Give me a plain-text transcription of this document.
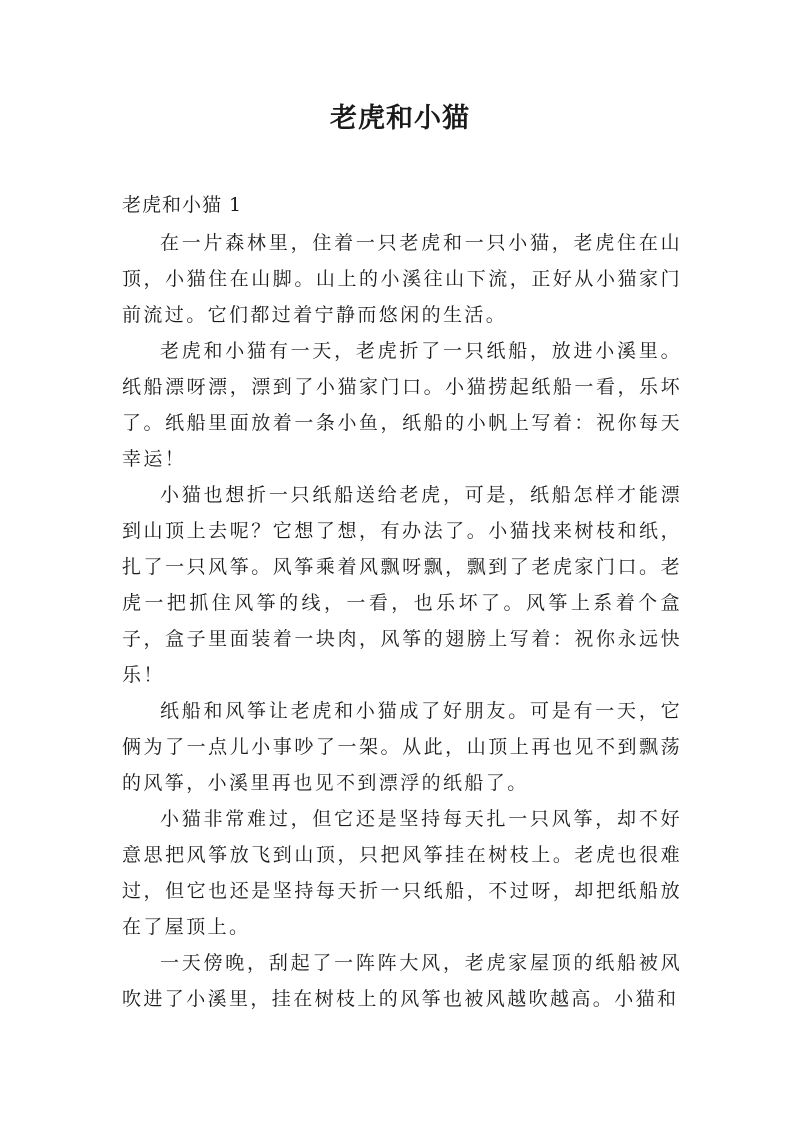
老虎和小猫
老虎和小猫 1

在一片森林里，住着一只老虎和一只小猫，老虎住在山顶，小猫住在山脚。山上的小溪往山下流，正好从小猫家门前流过。它们都过着宁静而悠闲的生活。

老虎和小猫有一天，老虎折了一只纸船，放进小溪里。纸船漂呀漂，漂到了小猫家门口。小猫捞起纸船一看，乐坏了。纸船里面放着一条小鱼，纸船的小帆上写着：祝你每天幸运！

小猫也想折一只纸船送给老虎，可是，纸船怎样才能漂到山顶上去呢？它想了想，有办法了。小猫找来树枝和纸，扎了一只风筝。风筝乘着风飘呀飘，飘到了老虎家门口。老虎一把抓住风筝的线，一看，也乐坏了。风筝上系着个盒子，盒子里面装着一块肉，风筝的翅膀上写着：祝你永远快乐！

纸船和风筝让老虎和小猫成了好朋友。可是有一天，它俩为了一点儿小事吵了一架。从此，山顶上再也见不到飘荡的风筝，小溪里再也见不到漂浮的纸船了。

小猫非常难过，但它还是坚持每天扎一只风筝，却不好意思把风筝放飞到山顶，只把风筝挂在树枝上。老虎也很难过，但它也还是坚持每天折一只纸船，不过呀，却把纸船放在了屋顶上。

一天傍晚，刮起了一阵阵大风，老虎家屋顶的纸船被风吹进了小溪里，挂在树枝上的风筝也被风越吹越高。小猫和
